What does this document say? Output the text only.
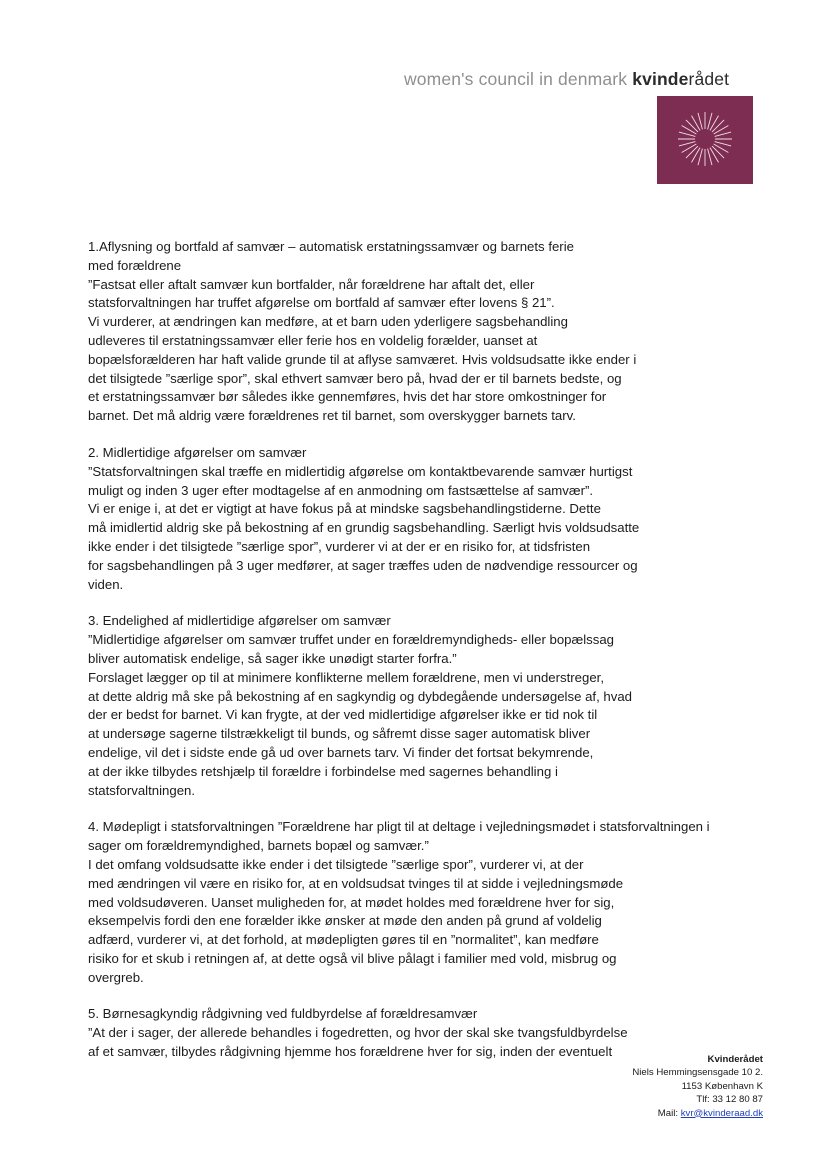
women's council in denmark kvinderådet
1.Aflysning og bortfald af samvær – automatisk erstatningssamvær og barnets ferie
med forældrene
”Fastsat eller aftalt samvær kun bortfalder, når forældrene har aftalt det, eller
statsforvaltningen har truffet afgørelse om bortfald af samvær efter lovens § 21”.
Vi vurderer, at ændringen kan medføre, at et barn uden yderligere sagsbehandling
udleveres til erstatningssamvær eller ferie hos en voldelig forælder, uanset at
bopælsforælderen har haft valide grunde til at aflyse samværet. Hvis voldsudsatte ikke ender i
det tilsigtede ”særlige spor”, skal ethvert samvær bero på, hvad der er til barnets bedste, og
et erstatningssamvær bør således ikke gennemføres, hvis det har store omkostninger for
barnet. Det må aldrig være forældrenes ret til barnet, som overskygger barnets tarv.
2. Midlertidige afgørelser om samvær
”Statsforvaltningen skal træffe en midlertidig afgørelse om kontaktbevarende samvær hurtigst
muligt og inden 3 uger efter modtagelse af en anmodning om fastsættelse af samvær”.
Vi er enige i, at det er vigtigt at have fokus på at mindske sagsbehandlingstiderne. Dette
må imidlertid aldrig ske på bekostning af en grundig sagsbehandling. Særligt hvis voldsudsatte
ikke ender i det tilsigtede ”særlige spor”, vurderer vi at der er en risiko for, at tidsfristen
for sagsbehandlingen på 3 uger medfører, at sager træffes uden de nødvendige ressourcer og
viden.
3. Endelighed af midlertidige afgørelser om samvær
”Midlertidige afgørelser om samvær truffet under en forældremyndigheds- eller bopælssag
bliver automatisk endelige, så sager ikke unødigt starter forfra.”
Forslaget lægger op til at minimere konflikterne mellem forældrene, men vi understreger,
at dette aldrig må ske på bekostning af en sagkyndig og dybdegående undersøgelse af, hvad
der er bedst for barnet. Vi kan frygte, at der ved midlertidige afgørelser ikke er tid nok til
at undersøge sagerne tilstrækkeligt til bunds, og såfremt disse sager automatisk bliver
endelige, vil det i sidste ende gå ud over barnets tarv. Vi finder det fortsat bekymrende,
at der ikke tilbydes retshjælp til forældre i forbindelse med sagernes behandling i
statsforvaltningen.
4. Mødepligt i statsforvaltningen ”Forældrene har pligt til at deltage i vejledningsmødet i statsforvaltningen i
sager om forældremyndighed, barnets bopæl og samvær.”
I det omfang voldsudsatte ikke ender i det tilsigtede ”særlige spor”, vurderer vi, at der
med ændringen vil være en risiko for, at en voldsudsat tvinges til at sidde i vejledningsmøde
med voldsudøveren. Uanset muligheden for, at mødet holdes med forældrene hver for sig,
eksempelvis fordi den ene forælder ikke ønsker at møde den anden på grund af voldelig
adfærd, vurderer vi, at det forhold, at mødepligten gøres til en ”normalitet”, kan medføre
risiko for et skub i retningen af, at dette også vil blive pålagt i familier med vold, misbrug og
overgreb.
5. Børnesagkyndig rådgivning ved fuldbyrdelse af forældresamvær
”At der i sager, der allerede behandles i fogedretten, og hvor der skal ske tvangsfuldbyrdelse
af et samvær, tilbydes rådgivning hjemme hos forældrene hver for sig, inden der eventuelt
Kvinderådet
Niels Hemmingsensgade 10 2.
1153 København K
Tlf: 33 12 80 87
Mail: kvr@kvinderaad.dk
